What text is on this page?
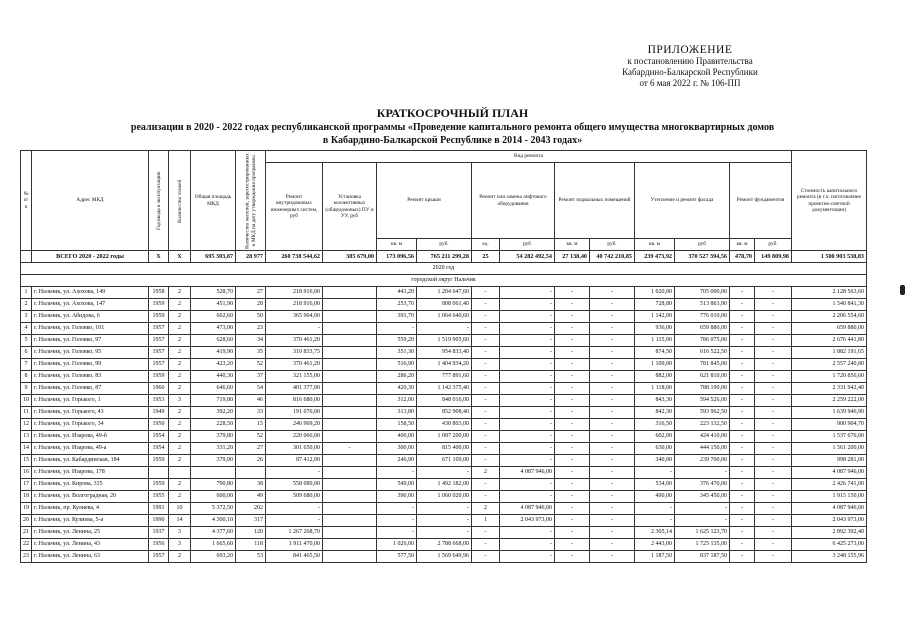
ПРИЛОЖЕНИЕ
к постановлению Правительства
Кабардино-Балкарской Республики
от 6 мая 2022 г. № 106-ПП
КРАТКОСРОЧНЫЙ ПЛАН
реализации в 2020 - 2022 годах республиканской программы «Проведение капитального ремонта общего имущества многоквартирных домов
в Кабардино-Балкарской Республике в 2014 - 2043 годах»
№ п/п	Адрес МКД	Год ввода в эксплуатацию	Количество этажей	Общая площадь МКД	Количество жителей, зарегистрированных в МКД на дату утверждения программы	Вид ремонта												Стоимость капитального ремонта (в т.ч. изготовление проектно-сметной документации)
						Ремонт внутридомовых инженерных систем, руб	Установка коллективных (общедомовых) ПУ и УУ, руб	Ремонт крыши		Ремонт или замена лифтового оборудования		Ремонт подвальных помещений		Утепление и ремонт фасада		Ремонт фундаментов		
								кв. м	руб.	ед.	руб	кв. м	руб.	кв. м	руб	кв. м	руб.	
	ВСЕГО 2020 - 2022 годы	Х	Х	695 303,87	28 977	260 738 544,62	385 679,00	173 096,56	765 211 299,28	25	54 282 492,54	27 138,40	40 742 210,85	239 473,92	370 527 394,56	478,70	149 809,98	1 500 903 538,83
2020 год																		
городской округ Нальчик																		
1	г. Нальчик, ул. Ахохова, 149	1958	2	528,70	27	218 916,00		443,20	1 204 647,60	-	-	-	-	1 020,00	705 000,00	-	-	2 128 563,60
2	г. Нальчик, ул. Ахохова, 147	1959	2	451,90	28	218 916,00		253,70	808 061,40	-	-	-	-	728,80	513 863,90	-	-	1 540 841,30
3	г. Нальчик, ул. Абидова, 6	1959	2	602,60	50	365 904,00		391,70	1 064 640,60	-	-	-	-	1 142,00	776 010,00	-	-	2 206 554,60
4	г. Нальчик, ул. Головко, 101	1957	2	473,00	23	-		-	-	-	-	-	-	936,00	659 880,00	-	-	659 880,00
5	г. Нальчик, ул. Головко, 97	1957	2	628,60	34	370 461,20		559,20	1 519 905,60	-	-	-	-	1 115,00	786 075,00	-	-	2 676 441,80
6	г. Нальчик, ул. Головко, 95	1957	2	419,90	35	310 833,75		351,30	954 833,40	-	-	-	-	874,50	616 522,50	-	-	1 882 191,65
7	г. Нальчик, ул. Головко, 99	1957	2	423,20	52	370 461,20		516,90	1 404 934,20	-	-	-	-	1 109,00	781 845,00	-	-	2 557 240,80
8	г. Нальчик, ул. Головко, 83	1959	2	440,30	37	321 155,00		286,20	777 891,60	-	-	-	-	882,00	621 810,00	-	-	1 720 856,60
9	г. Нальчик, ул. Головко, 87	1960	2	646,60	54	401 377,00		420,30	1 142 375,40	-	-	-	-	1 118,00	788 190,00	-	-	2 331 942,40
10	г. Нальчик, ул. Горького, 1	1953	3	719,80	46	816 680,00		312,00	848 016,00	-	-	-	-	843,30	594 526,00	-	-	2 259 222,00
11	г. Нальчик, ул. Горького, 43	1949	2	392,20	33	191 076,00		313,80	852 908,40	-	-	-	-	842,30	593 962,50	-	-	1 639 946,90
12	г. Нальчик, ул. Горького, 34	1950	2	228,50	15	246 969,20		158,50	430 803,00	-	-	-	-	316,50	223 132,50	-	-	900 904,70
13	г. Нальчик, ул. Изарова, 49-б	1954	2	379,80	52	220 066,00		400,00	1 087 200,00	-	-	-	-	602,00	424 410,00	-	-	1 537 676,00
14	г. Нальчик, ул. Изарова, 49-а	1954	2	331,20	27	301 650,00	-	300,00	815 400,00	-	-	-	-	630,00	444 150,00	-	-	1 561 200,00
15	г. Нальчик, ул. Кабардинская, 184	1959	2	379,90	26	87 412,00		246,90	671 169,00	-	-	-	-	340,00	239 700,00	-	-	998 281,00
16	г. Нальчик, ул. Изарова, 178					-		-	-	2	4 087 946,00	-	-	-	-	-	-	4 087 946,00
17	г. Нальчик, ул. Кирова, 335	1959	2	790,80	38	558 089,00		549,00	1 492 182,00	-	-	-	-	534,00	376 470,00	-	-	2 426 741,00
18	г. Нальчик, ул. Волгоградная, 20	1955	2	600,00	49	509 680,00		390,00	1 060 020,00	-	-	-	-	490,00	345 450,00	-	-	1 915 150,00
19	г. Нальчик, пр. Кулиева, 4	1991	10	5 372,50	202	-		-	-	2	4 087 946,00	-	-	-	-	-	-	4 087 946,00
20	г. Нальчик, ул. Кулиева, 5-а	1990	14	4 300,10	317	-		-	-	1	2 043 973,00	-	-	-	-	-	-	2 043 973,00
21	г. Нальчик, ул. Ленина, 25	1937	3	4 377,60	120	1 267 268,70		-	-	-	-	-	-	2 305,14	1 625 123,70	-	-	2 892 392,40
22	г. Нальчик, ул. Ленина, 43	1956	3	1 665,60	118	1 911 470,00		1 026,00	2 788 668,00	-	-	-	-	2 443,00	1 725 135,00	-	-	6 425 273,00
23	г. Нальчик, ул. Ленина, 63	1957	2	693,20	53	841 465,50		577,50	1 569 649,96	-	-	-	-	1 187,50	837 187,50	-	-	3 248 155,96
